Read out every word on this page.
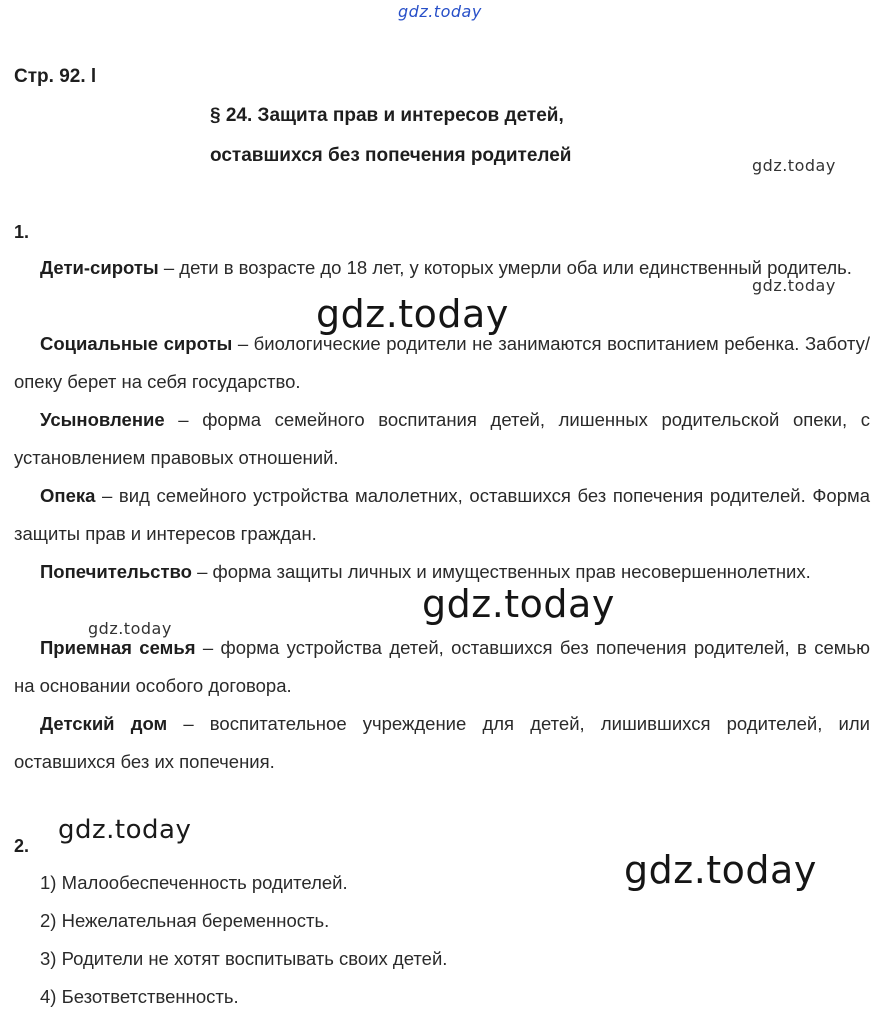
gdz.today
Стр. 92. l
§ 24. Защита прав и интересов детей,
оставшихся без попечения родителей
1.
Дети-сироты – дети в возрасте до 18 лет, у которых умерли оба или единственный родитель.
Социальные сироты – биологические родители не занимаются воспитанием ребенка. Заботу/опеку берет на себя государство.
Усыновление – форма семейного воспитания детей, лишенных родительской опеки, с установлением правовых отношений.
Опека – вид семейного устройства малолетних, оставшихся без попечения родителей. Форма защиты прав и интересов граждан.
Попечительство – форма защиты личных и имущественных прав несовершеннолетних.
Приемная семья – форма устройства детей, оставшихся без попечения родителей, в семью на основании особого договора.
Детский дом – воспитательное учреждение для детей, лишившихся родителей, или оставшихся без их попечения.
2.
1) Малообеспеченность родителей.
2) Нежелательная беременность.
3) Родители не хотят воспитывать своих детей.
4) Безответственность.
gdz.today
gdz.today
gdz.today
gdz.today
gdz.today
gdz.today
gdz.today
